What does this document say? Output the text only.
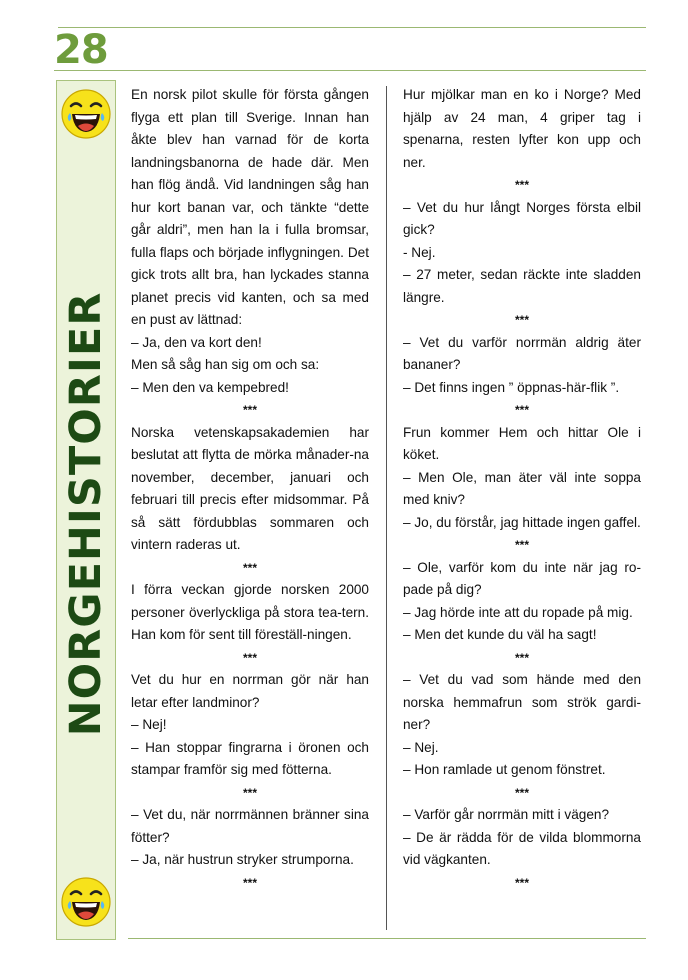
28
NORGEHISTORIER

En norsk pilot skulle för första gången flyga ett plan till Sverige. Innan han åkte blev han varnad för de korta landningsbanorna de hade där. Men han flög ändå. Vid landningen såg han hur kort banan var, och tänkte “dette går aldri”, men han la i fulla bromsar, fulla flaps och började inflygningen. Det gick trots allt bra, han lyckades stanna planet precis vid kanten, och sa med en pust av lättnad:

– Ja, den va kort den!

Men så såg han sig om och sa:

– Men den va kempebred!

***

Norska vetenskapsakademien har beslutat att flytta de mörka månader-na november, december, januari och februari till precis efter midsommar. På så sätt fördubblas sommaren och vintern raderas ut.

***

I förra veckan gjorde norsken 2000 personer överlyckliga på stora tea-tern. Han kom för sent till föreställ-ningen.

***

Vet du hur en norrman gör när han letar efter landminor?

– Nej!

– Han stoppar fingrarna i öronen och stampar framför sig med fötterna.

***

– Vet du, när norrmännen bränner sina fötter?

– Ja, när hustrun stryker strumporna.

***

Hur mjölkar man en ko i Norge? Med hjälp av 24 man, 4 griper tag i spenarna, resten lyfter kon upp och ner.

***

– Vet du hur långt Norges första elbil gick?

- Nej.

– 27 meter, sedan räckte inte sladden längre.

***

– Vet du varför norrmän aldrig äter bananer?

– Det finns ingen ” öppnas-här-flik ”.

***

Frun kommer Hem och hittar Ole i köket.

– Men Ole, man äter väl inte soppa med kniv?

– Jo, du förstår, jag hittade ingen gaffel.

***

– Ole, varför kom du inte när jag ro-pade på dig?

– Jag hörde inte att du ropade på mig.

– Men det kunde du väl ha sagt!

***

– Vet du vad som hände med den norska hemmafrun som strök gardi-ner?

– Nej.

– Hon ramlade ut genom fönstret.

***

– Varför går norrmän mitt i vägen?

– De är rädda för de vilda blommorna vid vägkanten.

***
